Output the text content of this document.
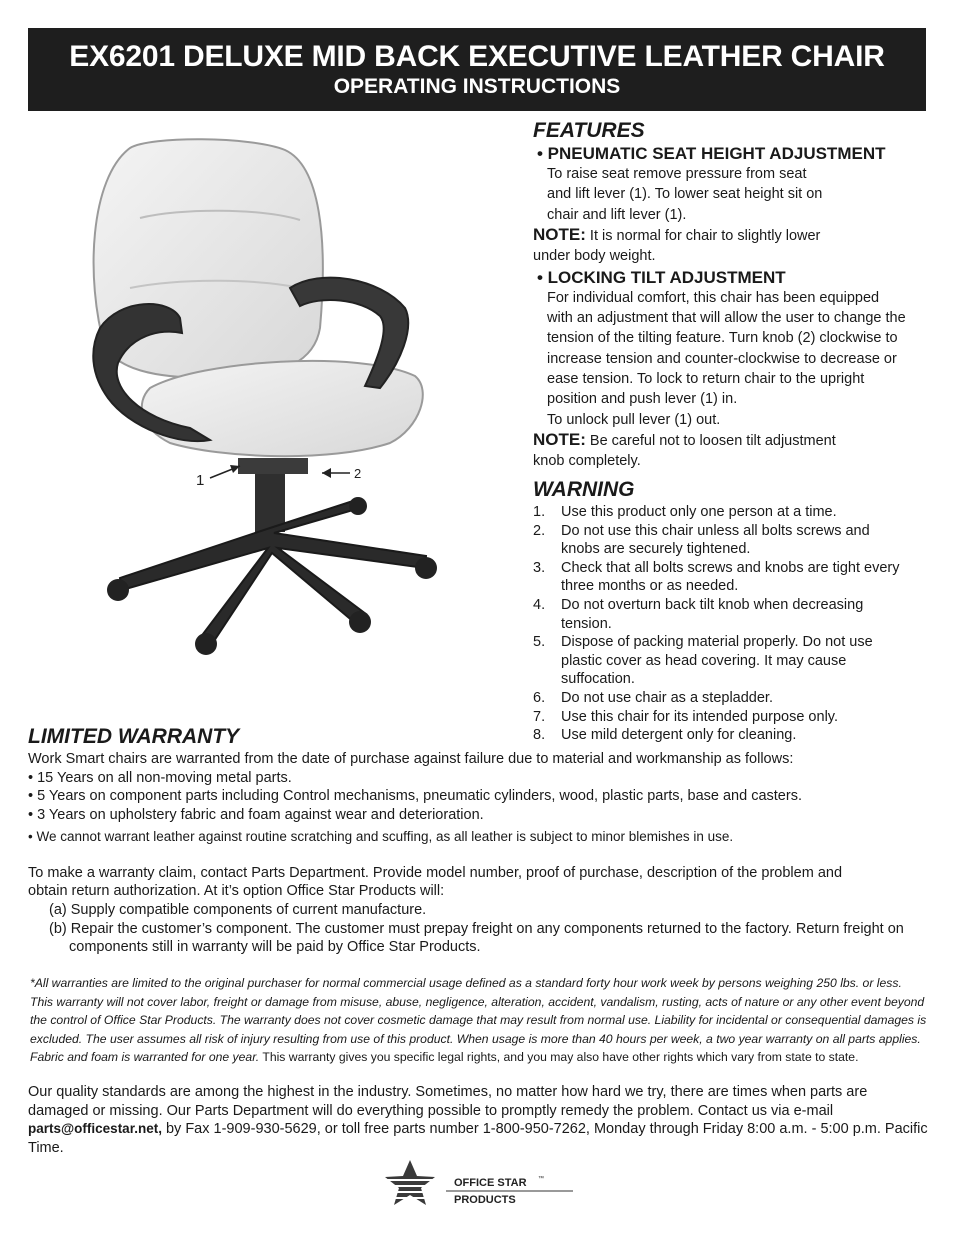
EX6201 DELUXE MID BACK EXECUTIVE LEATHER CHAIR
OPERATING INSTRUCTIONS
1	2
FEATURES

• PNEUMATIC SEAT HEIGHT ADJUSTMENT

To raise seat remove pressure from seat

and lift lever (1). To lower seat height sit on

chair and lift lever (1).

NOTE: It is normal for chair to slightly lower

under body weight.

• LOCKING TILT ADJUSTMENT

For individual comfort, this chair has been equipped

with an adjustment that will allow the user to change the

tension of the tilting feature. Turn knob (2) clockwise to

increase tension and counter-clockwise to decrease or

ease tension. To lock to return chair to the upright

position and push lever (1) in.

To unlock pull lever (1) out.

NOTE: Be careful not to loosen tilt adjustment

knob completely.

WARNING
1. Use this product only one person at a time.
2. Do not use this chair unless all bolts screws and
knobs are securely tightened.
3. Check that all bolts screws and knobs are tight every
three months or as needed.
4. Do not overturn back tilt knob when decreasing
tension.
5. Dispose of packing material properly. Do not use
plastic cover as head covering. It may cause
suffocation.
6. Do not use chair as a stepladder.
7. Use this chair for its intended purpose only.
8. Use mild detergent only for cleaning.
LIMITED WARRANTY

Work Smart chairs are warranted from the date of purchase against failure due to material and workmanship as follows:

• 15 Years on all non-moving metal parts.

• 5 Years on component parts including Control mechanisms, pneumatic cylinders, wood, plastic parts, base and casters.

• 3 Years on upholstery fabric and foam against wear and deterioration.

• We cannot warrant leather against routine scratching and scuffing, as all leather is subject to minor blemishes in use.

To make a warranty claim, contact Parts Department. Provide model number, proof of purchase, description of the problem and

obtain return authorization. At it’s option Office Star Products will:

(a) Supply compatible components of current manufacture.

(b) Repair the customer’s component. The customer must prepay freight on any components returned to the factory. Return freight on components still in warranty will be paid by Office Star Products.

*All warranties are limited to the original purchaser for normal commercial usage defined as a standard forty hour work week by persons weighing 250 lbs. or less. This warranty will not cover labor, freight or damage from misuse, abuse, negligence, alteration, accident, vandalism, rusting, acts of nature or any other event beyond the control of Office Star Products. The warranty does not cover cosmetic damage that may result from normal use. Liability for incidental or consequential damages is excluded. The user assumes all risk of injury resulting from use of this product. When usage is more than 40 hours per week, a two year warranty on all parts applies. Fabric and foam is warranted for one year. This warranty gives you specific legal rights, and you may also have other rights which vary from state to state.

Our quality standards are among the highest in the industry. Sometimes, no matter how hard we try, there are times when parts are damaged or missing. Our Parts Department will do everything possible to promptly remedy the problem. Contact us via e-mail parts@officestar.net, by Fax 1-909-930-5629, or toll free parts number 1-800-950-7262, Monday through Friday 8:00 a.m. - 5:00 p.m. Pacific Time.

OFFICE STAR ™
PRODUCTS
